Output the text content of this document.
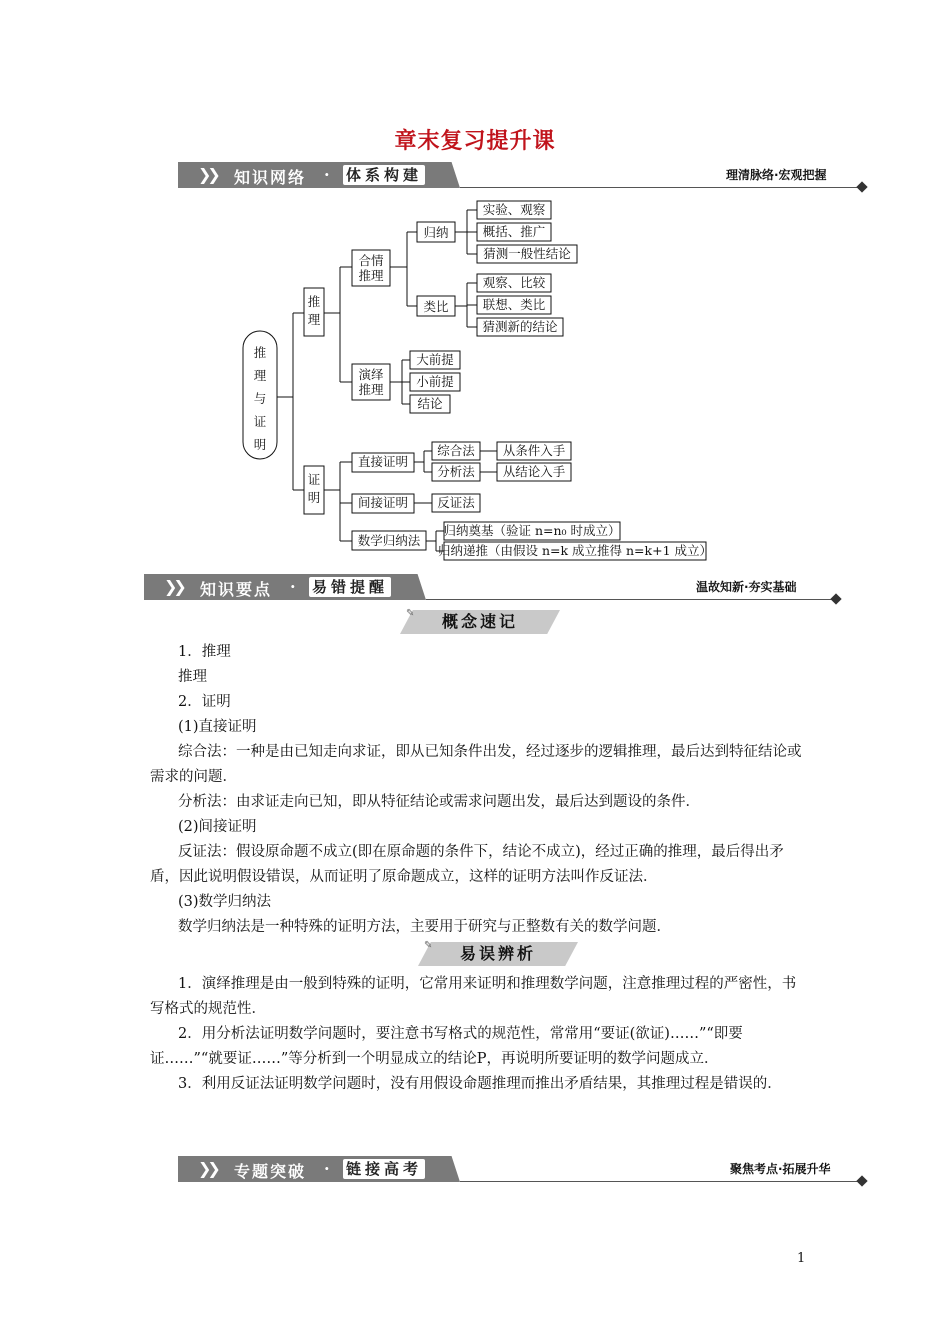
章末复习提升课
❯❯ 知识网络 · 体系构建	理清脉络·宏观把握
推理与证明
推理
证明
合情推理
演绎推理
归纳
类比
实验、观察
概括、推广
猜测一般性结论
观察、比较
联想、类比
猜测新的结论
大前提
小前提
结论
直接证明
间接证明
数学归纳法
综合法
分析法
从条件入手
从结论入手
反证法
归纳奠基（验证 n=n₀ 时成立）
归纳递推（由假设 n=k 成立推得 n=k+1 成立）
❯❯ 知识要点 · 易错提醒	温故知新·夯实基础
✎	概念速记

1．推理

推理

2．证明

(1)直接证明

综合法：一种是由已知走向求证，即从已知条件出发，经过逐步的逻辑推理，最后达到特征结论或需求的问题．

分析法：由求证走向已知，即从特征结论或需求问题出发，最后达到题设的条件．

(2)间接证明

反证法：假设原命题不成立(即在原命题的条件下，结论不成立)，经过正确的推理，最后得出矛盾，因此说明假设错误，从而证明了原命题成立，这样的证明方法叫作反证法．

(3)数学归纳法

数学归纳法是一种特殊的证明方法，主要用于研究与正整数有关的数学问题．

✎	易误辨析

1．演绎推理是由一般到特殊的证明，它常用来证明和推理数学问题，注意推理过程的严密性，书写格式的规范性．

2．用分析法证明数学问题时，要注意书写格式的规范性，常常用“要证(欲证)……”“即要证……”“就要证……”等分析到一个明显成立的结论P，再说明所要证明的数学问题成立．

3．利用反证法证明数学问题时，没有用假设命题推理而推出矛盾结果，其推理过程是错误的．

❯❯ 专题突破 · 链接高考	聚焦考点·拓展升华
1
